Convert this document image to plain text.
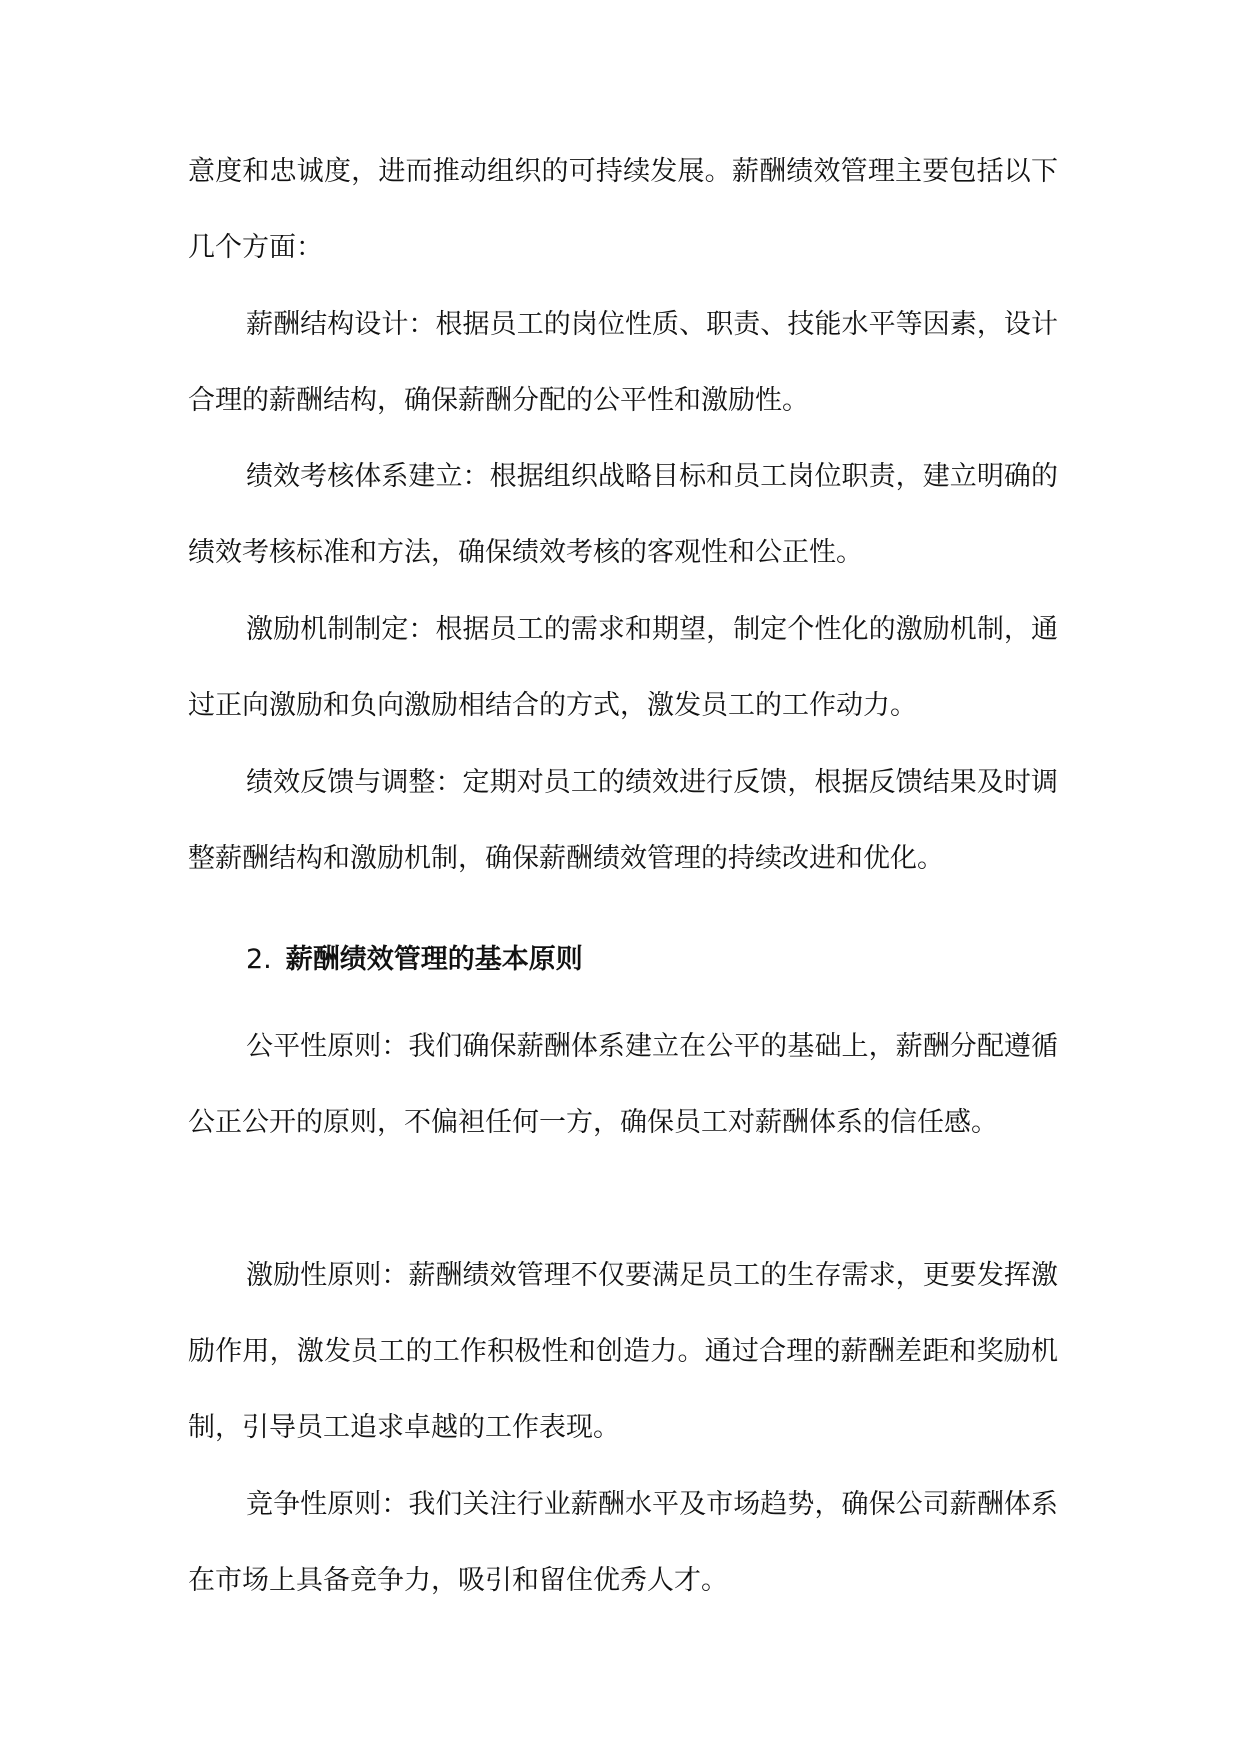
意度和忠诚度，进而推动组织的可持续发展。薪酬绩效管理主要包括以下几个方面：

薪酬结构设计：根据员工的岗位性质、职责、技能水平等因素，设计合理的薪酬结构，确保薪酬分配的公平性和激励性。

绩效考核体系建立：根据组织战略目标和员工岗位职责，建立明确的绩效考核标准和方法，确保绩效考核的客观性和公正性。

激励机制制定：根据员工的需求和期望，制定个性化的激励机制，通过正向激励和负向激励相结合的方式，激发员工的工作动力。

绩效反馈与调整：定期对员工的绩效进行反馈，根据反馈结果及时调整薪酬结构和激励机制，确保薪酬绩效管理的持续改进和优化。

2. 薪酬绩效管理的基本原则

公平性原则：我们确保薪酬体系建立在公平的基础上，薪酬分配遵循公正公开的原则，不偏袒任何一方，确保员工对薪酬体系的信任感。

激励性原则：薪酬绩效管理不仅要满足员工的生存需求，更要发挥激励作用，激发员工的工作积极性和创造力。通过合理的薪酬差距和奖励机制，引导员工追求卓越的工作表现。

竞争性原则：我们关注行业薪酬水平及市场趋势，确保公司薪酬体系在市场上具备竞争力，吸引和留住优秀人才。
